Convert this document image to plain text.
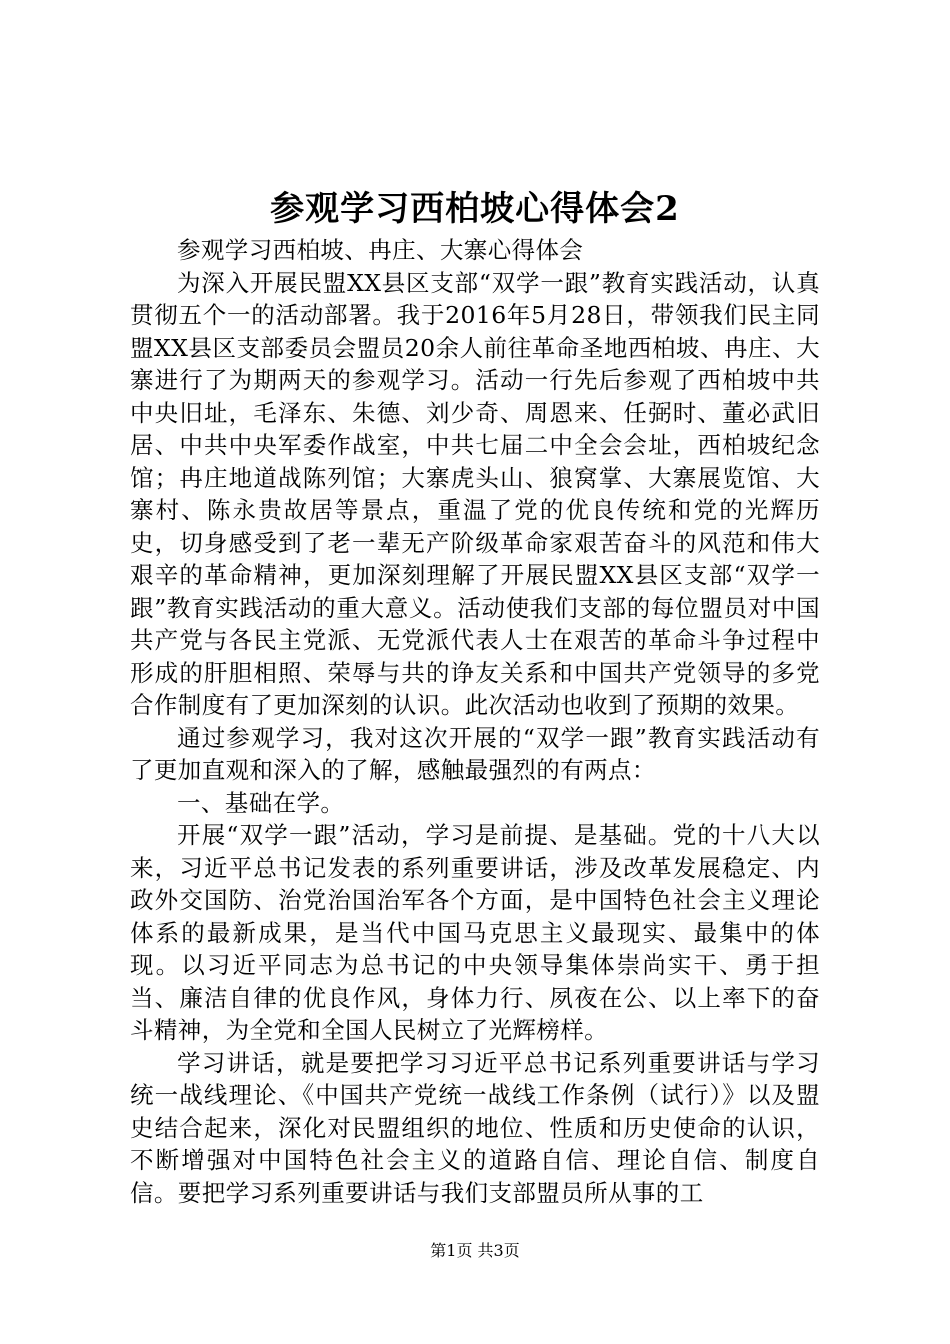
参观学习西柏坡心得体会2

参观学习西柏坡、冉庄、大寨心得体会

为深入开展民盟XX县区支部“双学一跟”教育实践活动，认真贯彻五个一的活动部署。我于2016年5月28日，带领我们民主同盟XX县区支部委员会盟员20余人前往革命圣地西柏坡、冉庄、大寨进行了为期两天的参观学习。活动一行先后参观了西柏坡中共中央旧址，毛泽东、朱德、刘少奇、周恩来、任弼时、董必武旧居、中共中央军委作战室，中共七届二中全会会址，西柏坡纪念馆；冉庄地道战陈列馆；大寨虎头山、狼窝掌、大寨展览馆、大寨村、陈永贵故居等景点，重温了党的优良传统和党的光辉历史，切身感受到了老一辈无产阶级革命家艰苦奋斗的风范和伟大艰辛的革命精神，更加深刻理解了开展民盟XX县区支部“双学一跟”教育实践活动的重大意义。活动使我们支部的每位盟员对中国共产党与各民主党派、无党派代表人士在艰苦的革命斗争过程中形成的肝胆相照、荣辱与共的诤友关系和中国共产党领导的多党合作制度有了更加深刻的认识。此次活动也收到了预期的效果。

通过参观学习，我对这次开展的“双学一跟”教育实践活动有了更加直观和深入的了解，感触最强烈的有两点：

一、基础在学。

开展“双学一跟”活动，学习是前提、是基础。党的十八大以来，习近平总书记发表的系列重要讲话，涉及改革发展稳定、内政外交国防、治党治国治军各个方面，是中国特色社会主义理论体系的最新成果，是当代中国马克思主义最现实、最集中的体现。以习近平同志为总书记的中央领导集体崇尚实干、勇于担当、廉洁自律的优良作风，身体力行、夙夜在公、以上率下的奋斗精神，为全党和全国人民树立了光辉榜样。

学习讲话，就是要把学习习近平总书记系列重要讲话与学习统一战线理论、《中国共产党统一战线工作条例（试行）》以及盟史结合起来，深化对民盟组织的地位、性质和历史使命的认识，不断增强对中国特色社会主义的道路自信、理论自信、制度自信。要把学习系列重要讲话与我们支部盟员所从事的工

第1页 共3页
